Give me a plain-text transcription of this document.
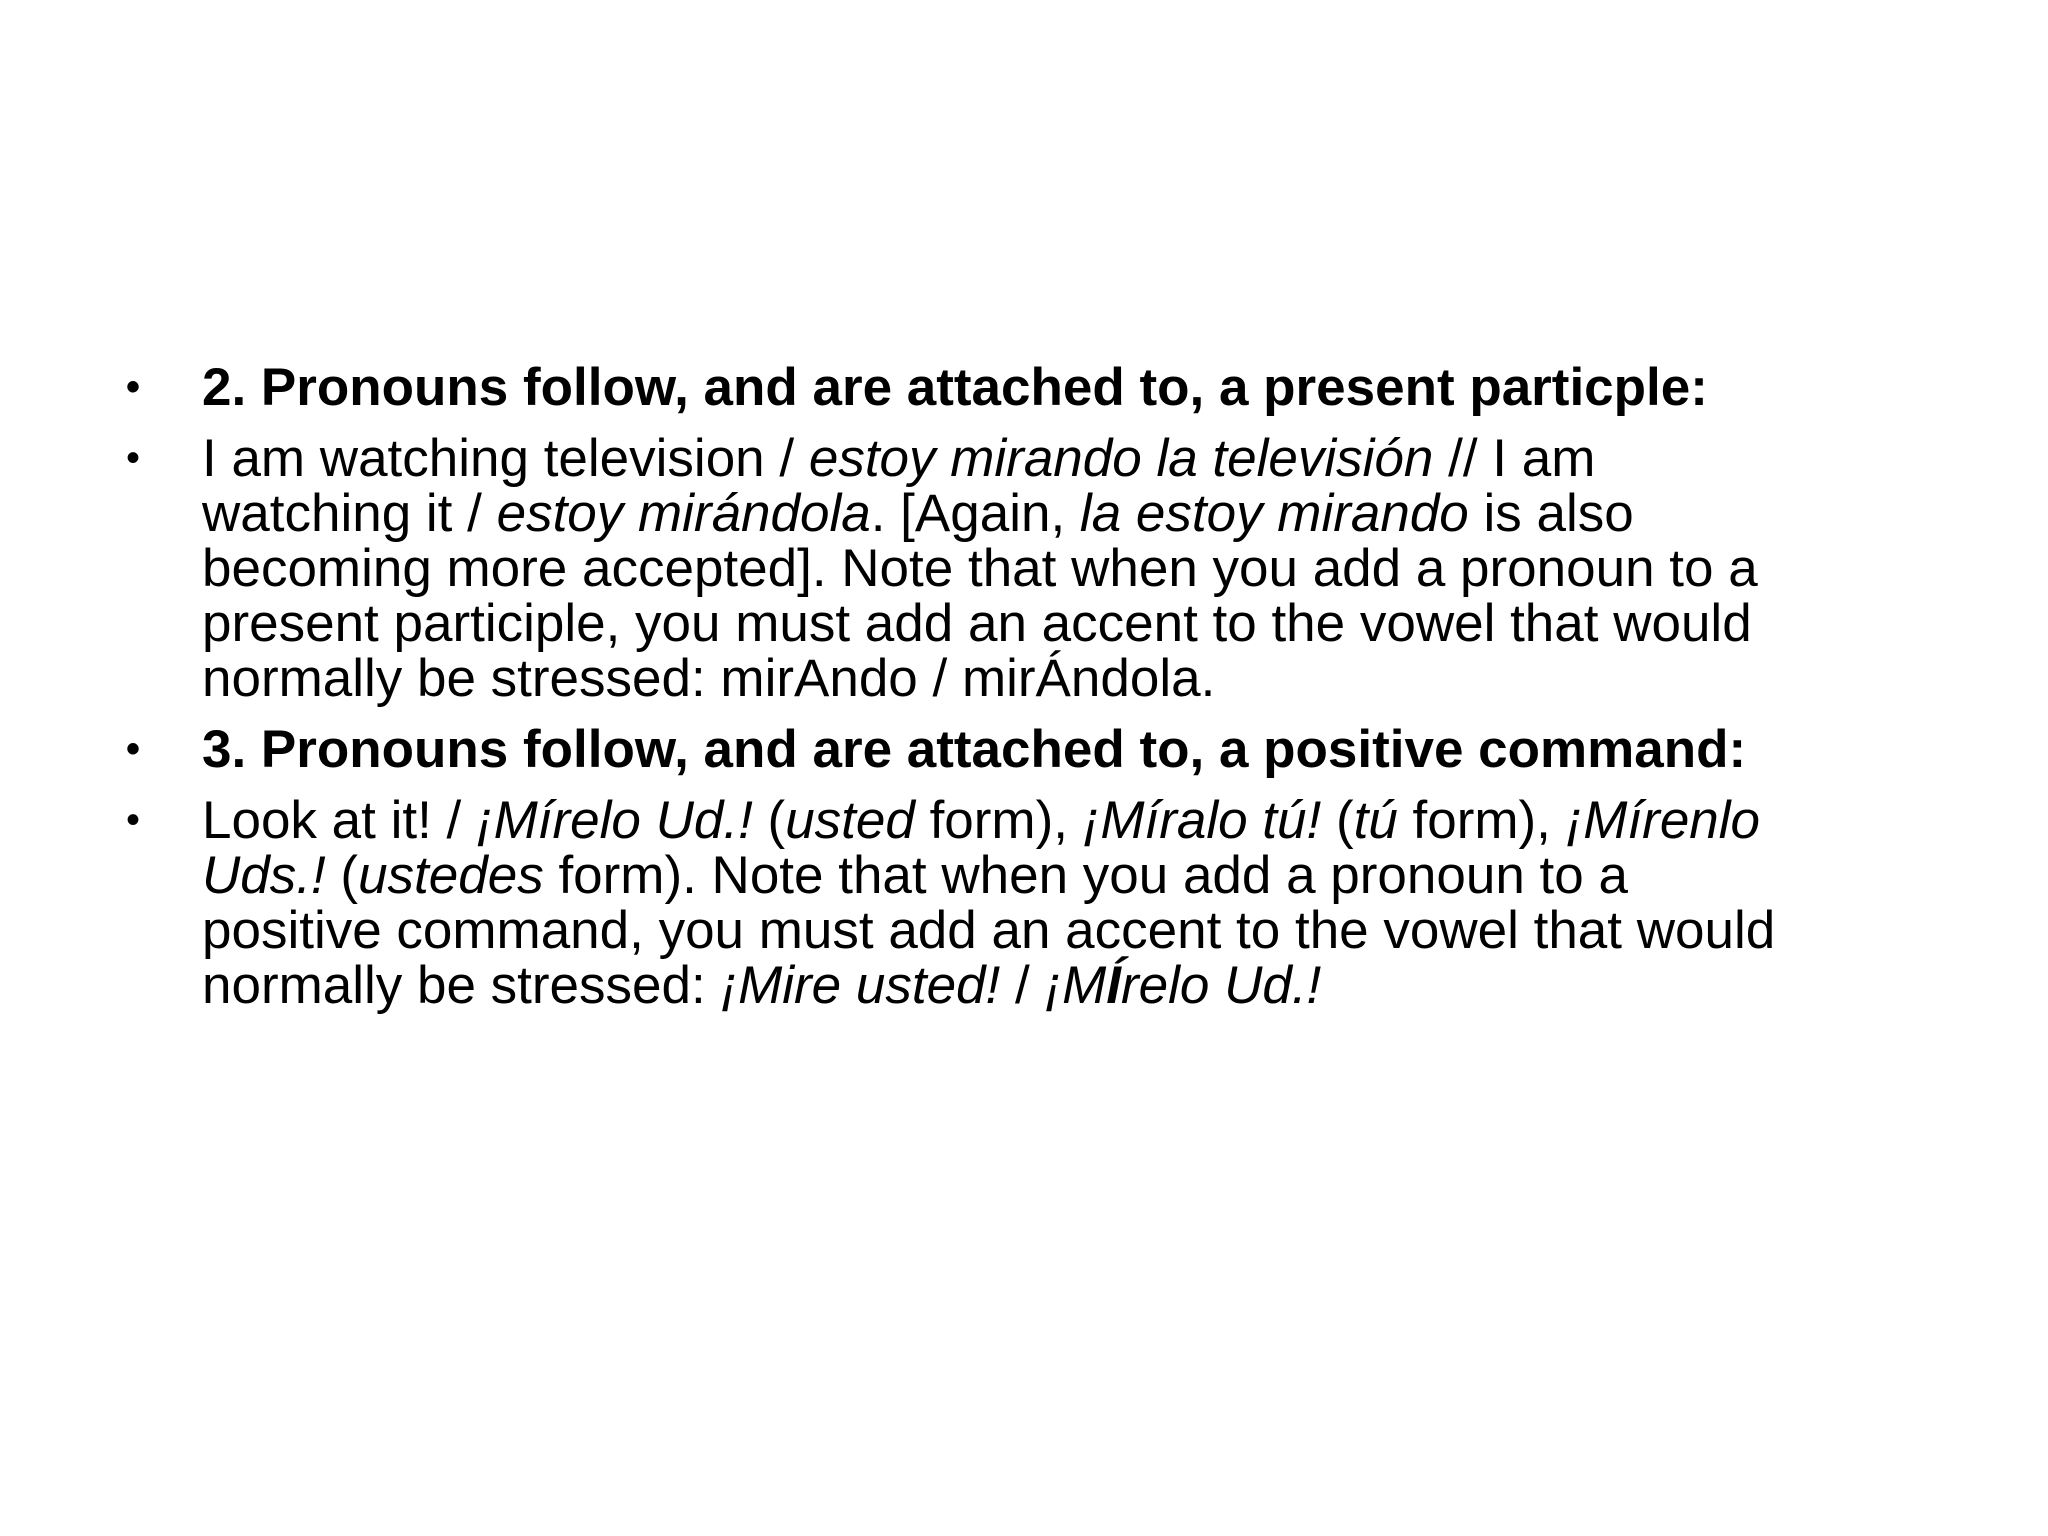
• 2. Pronouns follow, and are attached to, a present particple:
• I am watching television / estoy mirando la televisión // I am
watching it / estoy mirándola. [Again, la estoy mirando is also
becoming more accepted]. Note that when you add a pronoun to a
present participle, you must add an accent to the vowel that would
normally be stressed: mirAndo / mirÁndola.
• 3. Pronouns follow, and are attached to, a positive command:
• Look at it! / ¡Mírelo Ud.! (usted form), ¡Míralo tú! (tú form), ¡Mírenlo
Uds.! (ustedes form). Note that when you add a pronoun to a
positive command, you must add an accent to the vowel that would
normally be stressed: ¡Mire usted! / ¡MÍrelo Ud.!
